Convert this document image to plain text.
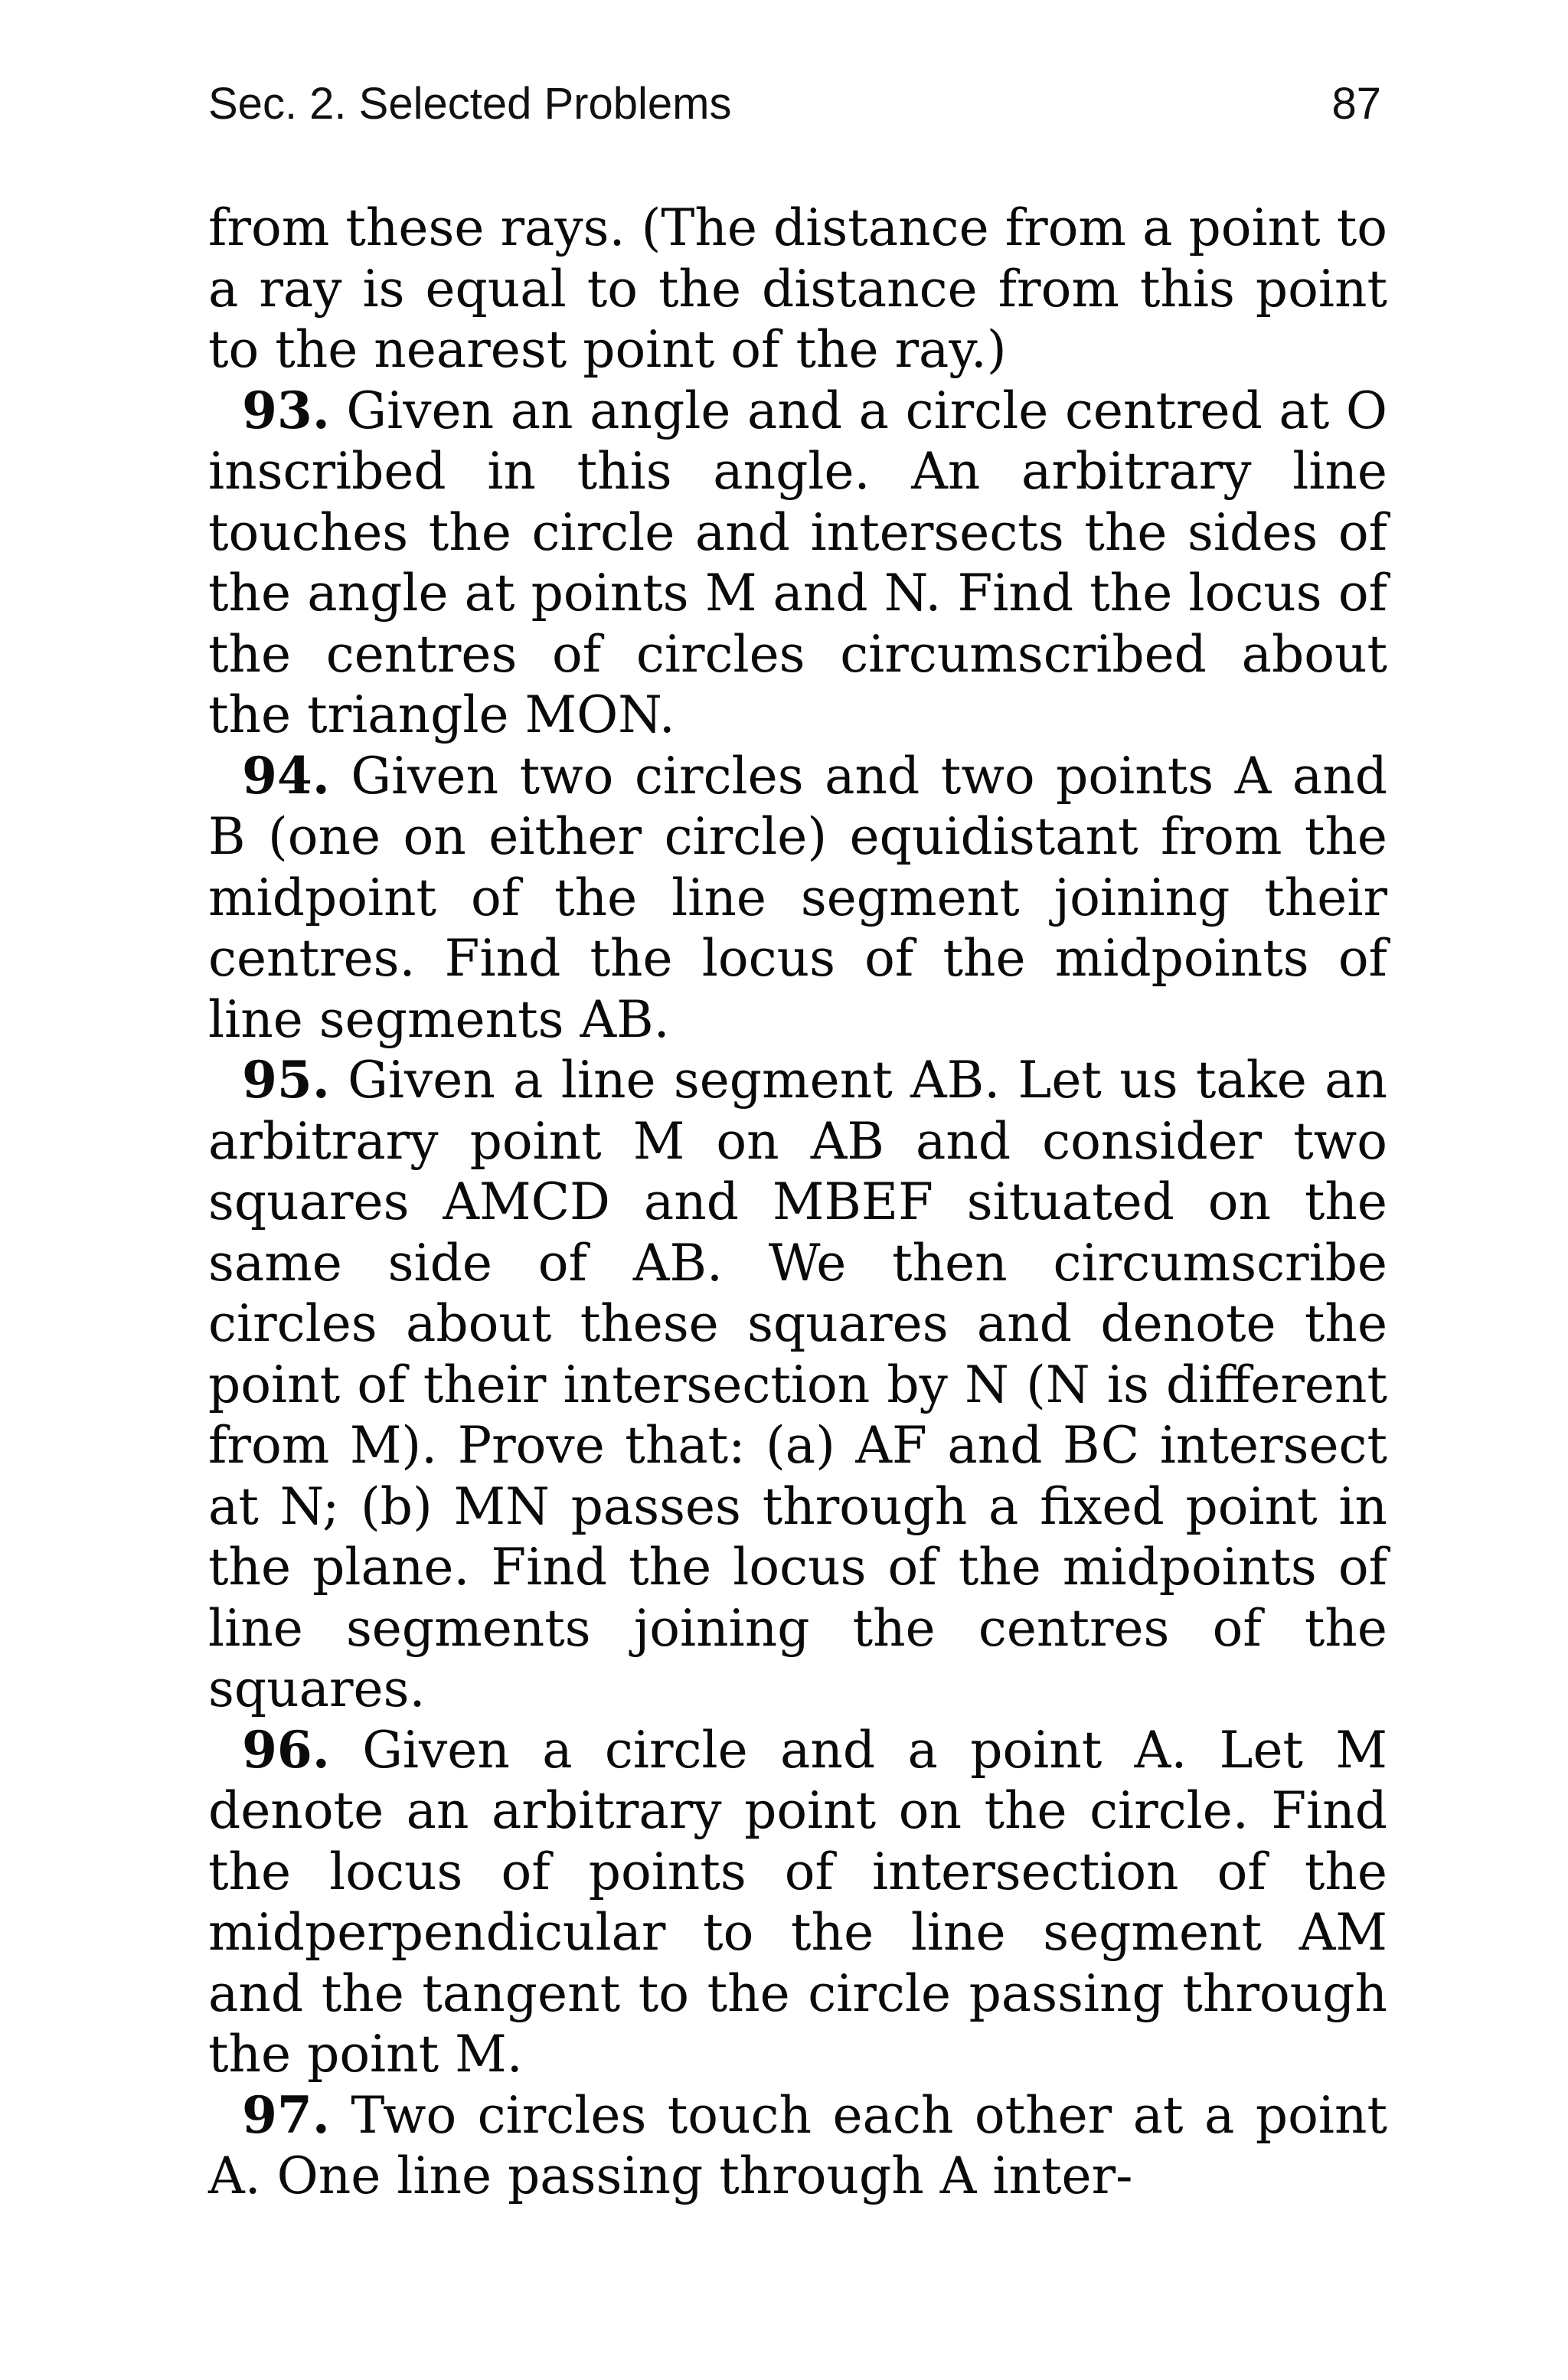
Sec. 2. Selected Problems	87

from these rays. (The distance from a point to a ray is equal to the distance from this point to the nearest point of the ray.)

93. Given an angle and a circle centred at O inscribed in this angle. An arbitrary line touches the circle and intersects the sides of the angle at points M and N. Find the locus of the centres of circles circumscribed about the triangle MON.

94. Given two circles and two points A and B (one on either circle) equidistant from the midpoint of the line segment joining their centres. Find the locus of the midpoints of line segments AB.

95. Given a line segment AB. Let us take an arbitrary point M on AB and consider two squares AMCD and MBEF situated on the same side of AB. We then circumscribe circles about these squares and denote the point of their intersection by N (N is different from M). Prove that: (a) AF and BC intersect at N; (b) MN passes through a fixed point in the plane. Find the locus of the midpoints of line segments joining the centres of the squares.

96. Given a circle and a point A. Let M denote an arbitrary point on the circle. Find the locus of points of intersection of the midperpendicular to the line segment AM and the tangent to the circle passing through the point M.

97. Two circles touch each other at a point A. One line passing through A inter-
